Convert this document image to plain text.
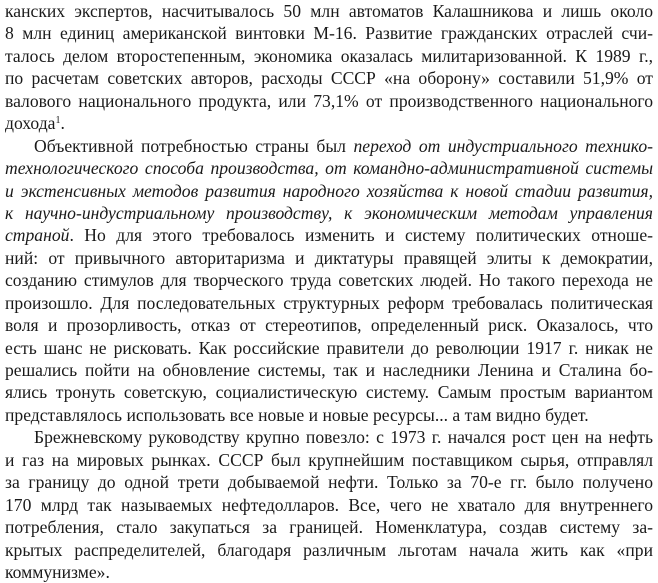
канских экспертов, насчитывалось 50 млн автоматов Калашникова и лишь около
8 млн единиц американской винтовки М-16. Развитие гражданских отраслей счи-
талось делом второстепенным, экономика оказалась милитаризованной. К 1989 г.,
по расчетам советских авторов, расходы СССР «на оборону» составили 51,9% от
валового национального продукта, или 73,1% от производственного национального
дохода$^1$.
Объективной потребностью страны был переход от индустриального технико-
технологического способа производства, от командно-административной системы
и экстенсивных методов развития народного хозяйства к новой стадии развития,
к научно-индустриальному производству, к экономическим методам управления
страной. Но для этого требовалось изменить и систему политических отноше-
ний: от привычного авторитаризма и диктатуры правящей элиты к демократии,
созданию стимулов для творческого труда советских людей. Но такого перехода не
произошло. Для последовательных структурных реформ требовалась политическая
воля и прозорливость, отказ от стереотипов, определенный риск. Оказалось, что
есть шанс не рисковать. Как российские правители до революции 1917 г. никак не
решались пойти на обновление системы, так и наследники Ленина и Сталина бо-
ялись тронуть советскую, социалистическую систему. Самым простым вариантом
представлялось использовать все новые и новые ресурсы... а там видно будет.
Брежневскому руководству крупно повезло: с 1973 г. начался рост цен на нефть
и газ на мировых рынках. СССР был крупнейшим поставщиком сырья, отправлял
за границу до одной трети добываемой нефти. Только за 70-е гг. было получено
170 млрд так называемых нефтедолларов. Все, чего не хватало для внутреннего
потребления, стало закупаться за границей. Номенклатура, создав систему за-
крытых распределителей, благодаря различным льготам начала жить как «при
коммунизме».
